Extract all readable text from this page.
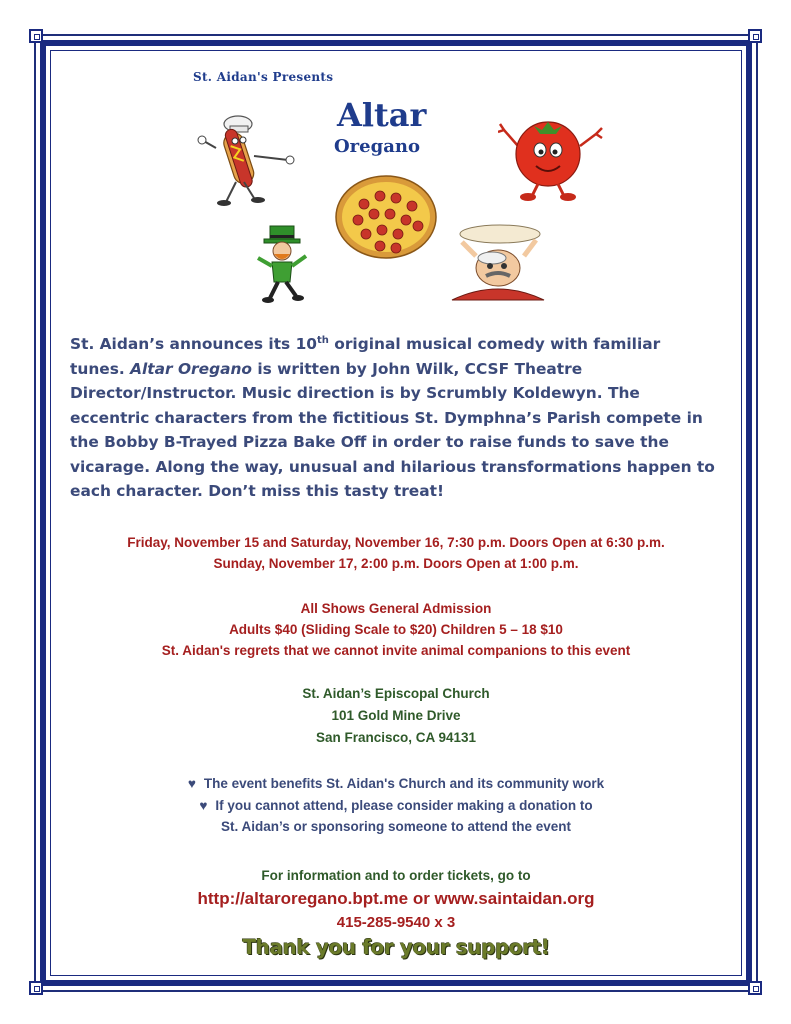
St. Aidan's Presents
Altar
Oregano
St. Aidan’s announces its 10th original musical comedy with familiar tunes. Altar Oregano is written by John Wilk, CCSF Theatre Director/Instructor. Music direction is by Scrumbly Koldewyn. The eccentric characters from the fictitious St. Dymphna’s Parish compete in the Bobby B-Trayed Pizza Bake Off in order to raise funds to save the vicarage. Along the way, unusual and hilarious transformations happen to each character. Don’t miss this tasty treat!
Friday, November 15 and Saturday, November 16, 7:30 p.m. Doors Open at 6:30 p.m.
Sunday, November 17, 2:00 p.m. Doors Open at 1:00 p.m.
All Shows General Admission
Adults $40 (Sliding Scale to $20) Children 5 – 18 $10
St. Aidan's regrets that we cannot invite animal companions to this event
St. Aidan’s Episcopal Church
101 Gold Mine Drive
San Francisco, CA 94131
♥ The event benefits St. Aidan's Church and its community work
♥ If you cannot attend, please consider making a donation to
St. Aidan’s or sponsoring someone to attend the event
For information and to order tickets, go to
http://altaroregano.bpt.me or www.saintaidan.org
415-285-9540 x 3
Thank you for your support!
